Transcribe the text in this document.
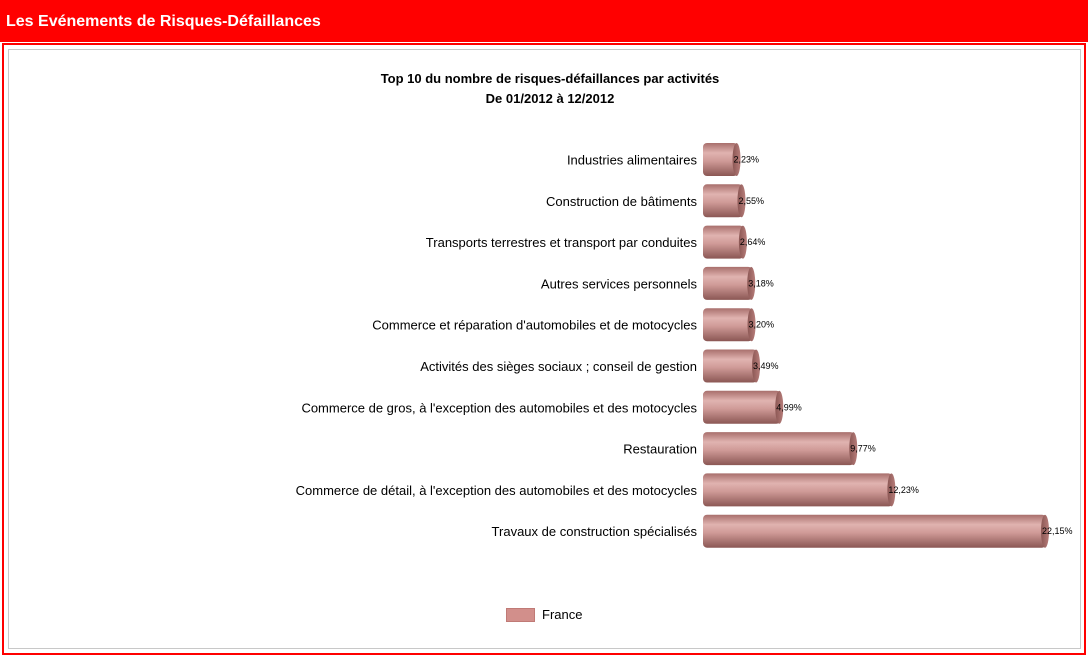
Les Evénements de Risques-Défaillances
Top 10 du nombre de risques-défaillances par activités
De 01/2012 à 12/2012
Industries alimentaires	2,23%
Construction de bâtiments	2,55%
Transports terrestres et transport par conduites	2,64%
Autres services personnels	3,18%
Commerce et réparation d'automobiles et de motocycles	3,20%
Activités des sièges sociaux ; conseil de gestion	3,49%
Commerce de gros, à l'exception des automobiles et des motocycles	4,99%
Restauration	9,77%
Commerce de détail, à l'exception des automobiles et des motocycles	12,23%
Travaux de construction spécialisés	22,15%
France
